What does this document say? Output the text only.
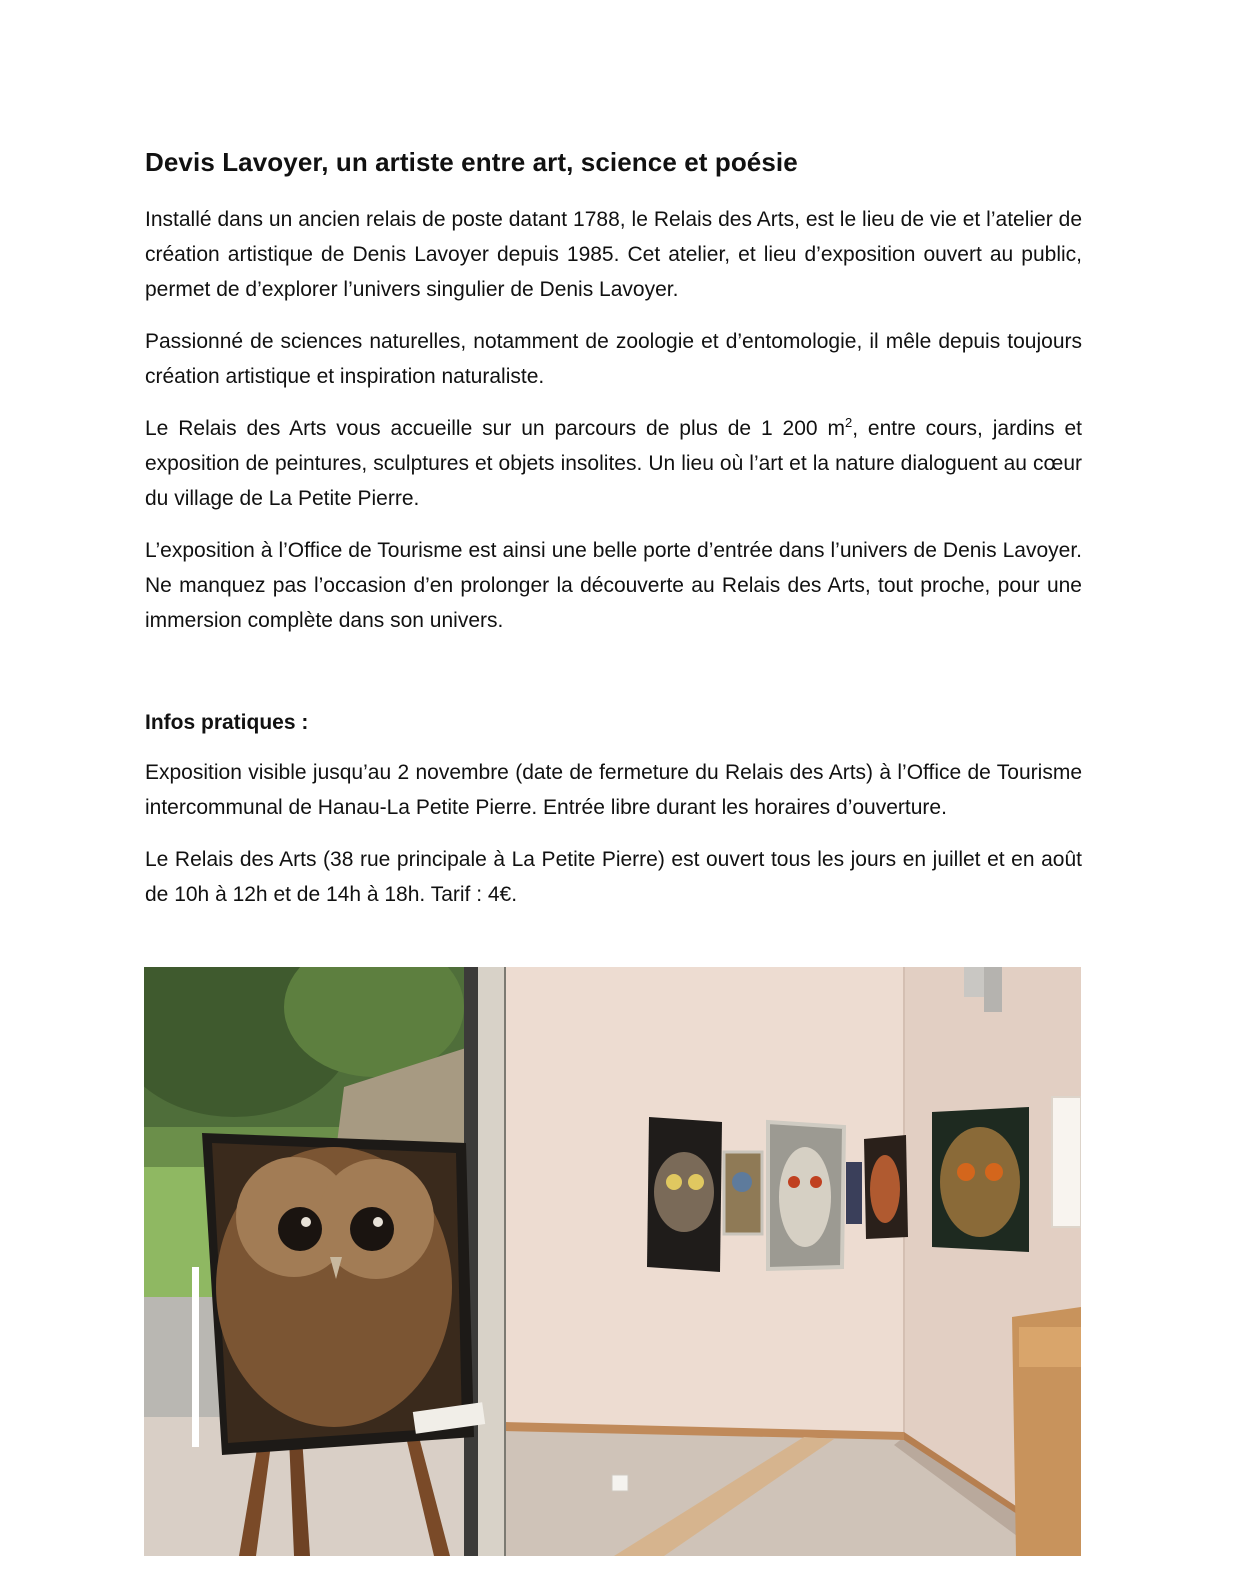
Devis Lavoyer, un artiste entre art, science et poésie

Installé dans un ancien relais de poste datant 1788, le Relais des Arts, est le lieu de vie et l’atelier de création artistique de Denis Lavoyer depuis 1985. Cet atelier, et lieu d’exposition ouvert au public, permet de d’explorer l’univers singulier de Denis Lavoyer.

Passionné de sciences naturelles, notamment de zoologie et d’entomologie, il mêle depuis toujours création artistique et inspiration naturaliste.

Le Relais des Arts vous accueille sur un parcours de plus de 1 200 $m^2$, entre cours, jardins et exposition de peintures, sculptures et objets insolites. Un lieu où l’art et la nature dialoguent au cœur du village de La Petite Pierre.

L’exposition à l’Office de Tourisme est ainsi une belle porte d’entrée dans l’univers de Denis Lavoyer. Ne manquez pas l’occasion d’en prolonger la découverte au Relais des Arts, tout proche, pour une immersion complète dans son univers.

Infos pratiques :

Exposition visible jusqu’au 2 novembre (date de fermeture du Relais des Arts) à l’Office de Tourisme intercommunal de Hanau-La Petite Pierre. Entrée libre durant les horaires d’ouverture.

Le Relais des Arts (38 rue principale à La Petite Pierre) est ouvert tous les jours en juillet et en août de 10h à 12h et de 14h à 18h. Tarif : 4€.
